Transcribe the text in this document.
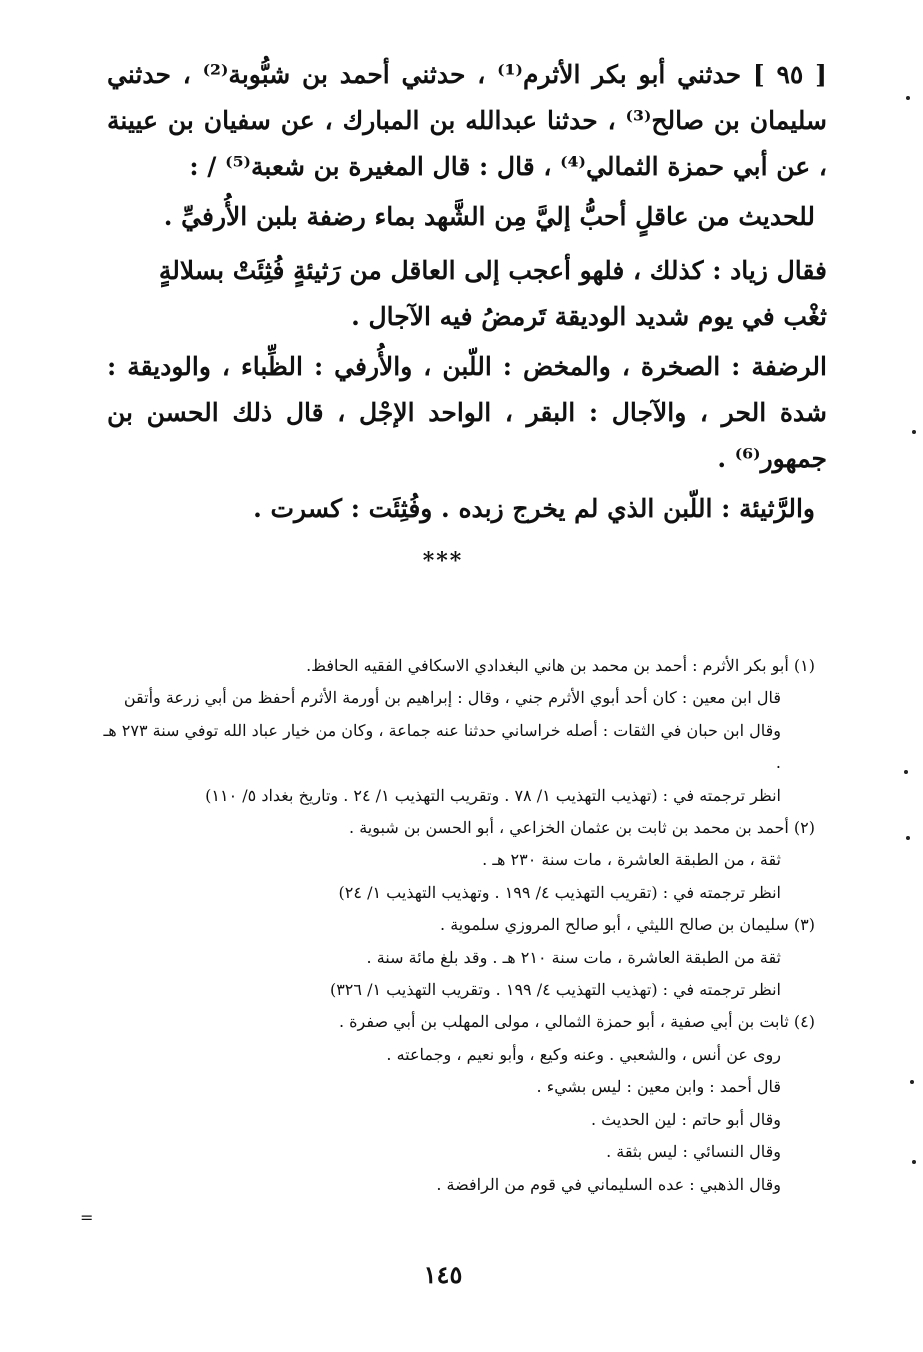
[ ٩٥ ] حدثني أبو بكر الأثرم⁽¹⁾ ، حدثني أحمد بن شبُّوبة⁽²⁾ ، حدثني سليمان بن صالح⁽³⁾ ، حدثنا عبدالله بن المبارك ، عن سفيان بن عيينة ، عن أبي حمزة الثمالي⁽⁴⁾ ، قال : قال المغيرة بن شعبة⁽⁵⁾ / :

للحديث من عاقلٍ أحبُّ إليَّ مِن الشَّهد بماء رضفة بلبن الأُرفيِّ .

فقال زياد : كذلك ، فلهو أعجب إلى العاقل من رَثيئةٍ فُثِئَتْ بسلالةٍ ثغْب في يوم شديد الوديقة تَرمضُ فيه الآجال .

الرضفة : الصخرة ، والمخض : اللّبن ، والأُرفي : الظِّباء ، والوديقة : شدة الحر ، والآجال : البقر ، الواحد الإجْل ، قال ذلك الحسن بن جمهور⁽⁶⁾ .

والرَّثيئة : اللّبن الذي لم يخرج زبده . وفُثِئَت : كسرت .

***

(١) أبو بكر الأثرم : أحمد بن محمد بن هاني البغدادي الاسكافي الفقيه الحافظ.

قال ابن معين : كان أحد أبوي الأثرم جني ، وقال : إبراهيم بن أورمة الأثرم أحفظ من أبي زرعة وأتقن

وقال ابن حبان في الثقات : أصله خراساني حدثنا عنه جماعة ، وكان من خيار عباد الله توفي سنة ٢٧٣ هـ .

انظر ترجمته في : (تهذيب التهذيب ١/ ٧٨ . وتقريب التهذيب ١/ ٢٤ . وتاريخ بغداد ٥/ ١١٠)

(٢) أحمد بن محمد بن ثابت بن عثمان الخزاعي ، أبو الحسن بن شبوية .

ثقة ، من الطبقة العاشرة ، مات سنة ٢٣٠ هـ .

انظر ترجمته في : (تقريب التهذيب ٤/ ١٩٩ . وتهذيب التهذيب ١/ ٢٤)

(٣) سليمان بن صالح الليثي ، أبو صالح المروزي سلموية .

ثقة من الطبقة العاشرة ، مات سنة ٢١٠ هـ . وقد بلغ مائة سنة .

انظر ترجمته في : (تهذيب التهذيب ٤/ ١٩٩ . وتقريب التهذيب ١/ ٣٢٦)

(٤) ثابت بن أبي صفية ، أبو حمزة الثمالي ، مولى المهلب بن أبي صفرة .

روى عن أنس ، والشعبي . وعنه وكيع ، وأبو نعيم ، وجماعته .

قال أحمد : وابن معين : ليس بشيء .

وقال أبو حاتم : لين الحديث .

وقال النسائي : ليس بثقة .

وقال الذهبي : عده السليماني في قوم من الرافضة .

=
١٤٥
